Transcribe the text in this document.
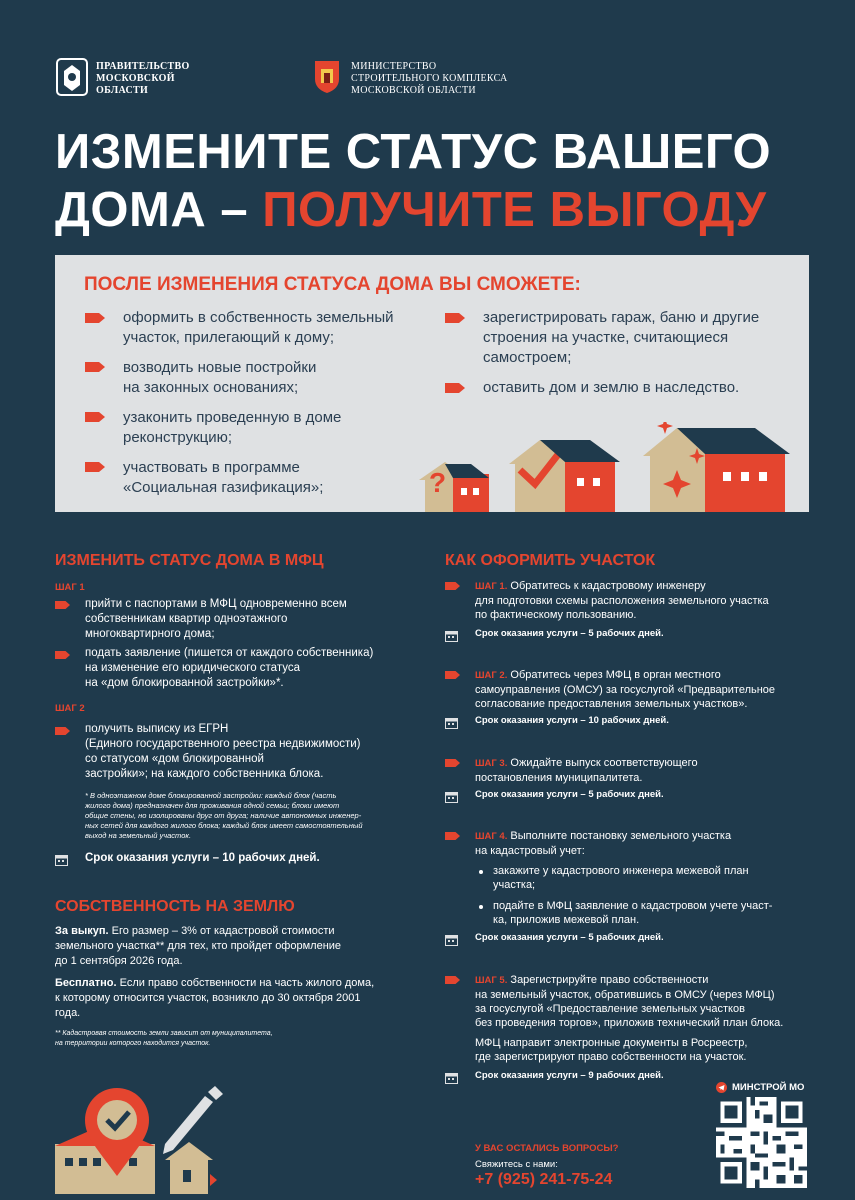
ПРАВИТЕЛЬСТВО
МОСКОВСКОЙ
ОБЛАСТИ
МИНИСТЕРСТВО
СТРОИТЕЛЬНОГО КОМПЛЕКСА
МОСКОВСКОЙ ОБЛАСТИ
ИЗМЕНИТЕ СТАТУС ВАШЕГО
ДОМА – ПОЛУЧИТЕ ВЫГОДУ
ПОСЛЕ ИЗМЕНЕНИЯ СТАТУСА ДОМА ВЫ СМОЖЕТЕ:
оформить в собственность земельный
участок, прилегающий к дому;
возводить новые постройки
на законных основаниях;
узаконить проведенную в доме
реконструкцию;
участвовать в программе
«Социальная газификация»;
зарегистрировать гараж, баню и другие
строения на участке, считающиеся
самостроем;
оставить дом и землю в наследство.
?
ИЗМЕНИТЬ СТАТУС ДОМА В МФЦ
ШАГ 1
прийти с паспортами в МФЦ одновременно всем
собственникам квартир одноэтажного
многоквартирного дома;
подать заявление (пишется от каждого собственника)
на изменение его юридического статуса
на «дом блокированной застройки»*.
ШАГ 2
получить выписку из ЕГРН
(Единого государственного реестра недвижимости)
со статусом «дом блокированной
застройки»; на каждого собственника блока.
* В одноэтажном доме блокированной застройки: каждый блок (часть
жилого дома) предназначен для проживания одной семьи; блоки имеют
общие стены, но изолированы друг от друга; наличие автономных инженер-
ных сетей для каждого жилого блока; каждый блок имеет самостоятельный
выход на земельный участок.
Срок оказания услуги – 10 рабочих дней.
СОБСТВЕННОСТЬ НА ЗЕМЛЮ
За выкуп. Его размер – 3% от кадастровой стоимости
земельного участка** для тех, кто пройдет оформление
до 1 сентября 2026 года.
Бесплатно. Если право собственности на часть жилого дома,
к которому относится участок, возникло до 30 октября 2001
года.
** Кадастровая стоимость земли зависит от муниципалитета,
на территории которого находится участок.
КАК ОФОРМИТЬ УЧАСТОК
ШАГ 1. Обратитесь к кадастровому инженеру
для подготовки схемы расположения земельного участка
по фактическому пользованию.
Срок оказания услуги – 5 рабочих дней.
ШАГ 2. Обратитесь через МФЦ в орган местного
самоуправления (ОМСУ) за госуслугой «Предварительное
согласование предоставления земельных участков».
Срок оказания услуги – 10 рабочих дней.
ШАГ 3. Ожидайте выпуск соответствующего
постановления муниципалитета.
Срок оказания услуги – 5 рабочих дней.
ШАГ 4. Выполните постановку земельного участка
на кадастровый учет:
закажите у кадастрового инженера межевой план
участка;
подайте в МФЦ заявление о кадастровом учете участ-
ка, приложив межевой план.
Срок оказания услуги – 5 рабочих дней.
ШАГ 5. Зарегистрируйте право собственности
на земельный участок, обратившись в ОМСУ (через МФЦ)
за госуслугой «Предоставление земельных участков
без проведения торгов», приложив технический план блока.
МФЦ направит электронные документы в Росреестр,
где зарегистрируют право собственности на участок.
Срок оказания услуги – 9 рабочих дней.
МИНСТРОЙ МО
У ВАС ОСТАЛИСЬ ВОПРОСЫ?
Свяжитесь с нами:
+7 (925) 241-75-24
